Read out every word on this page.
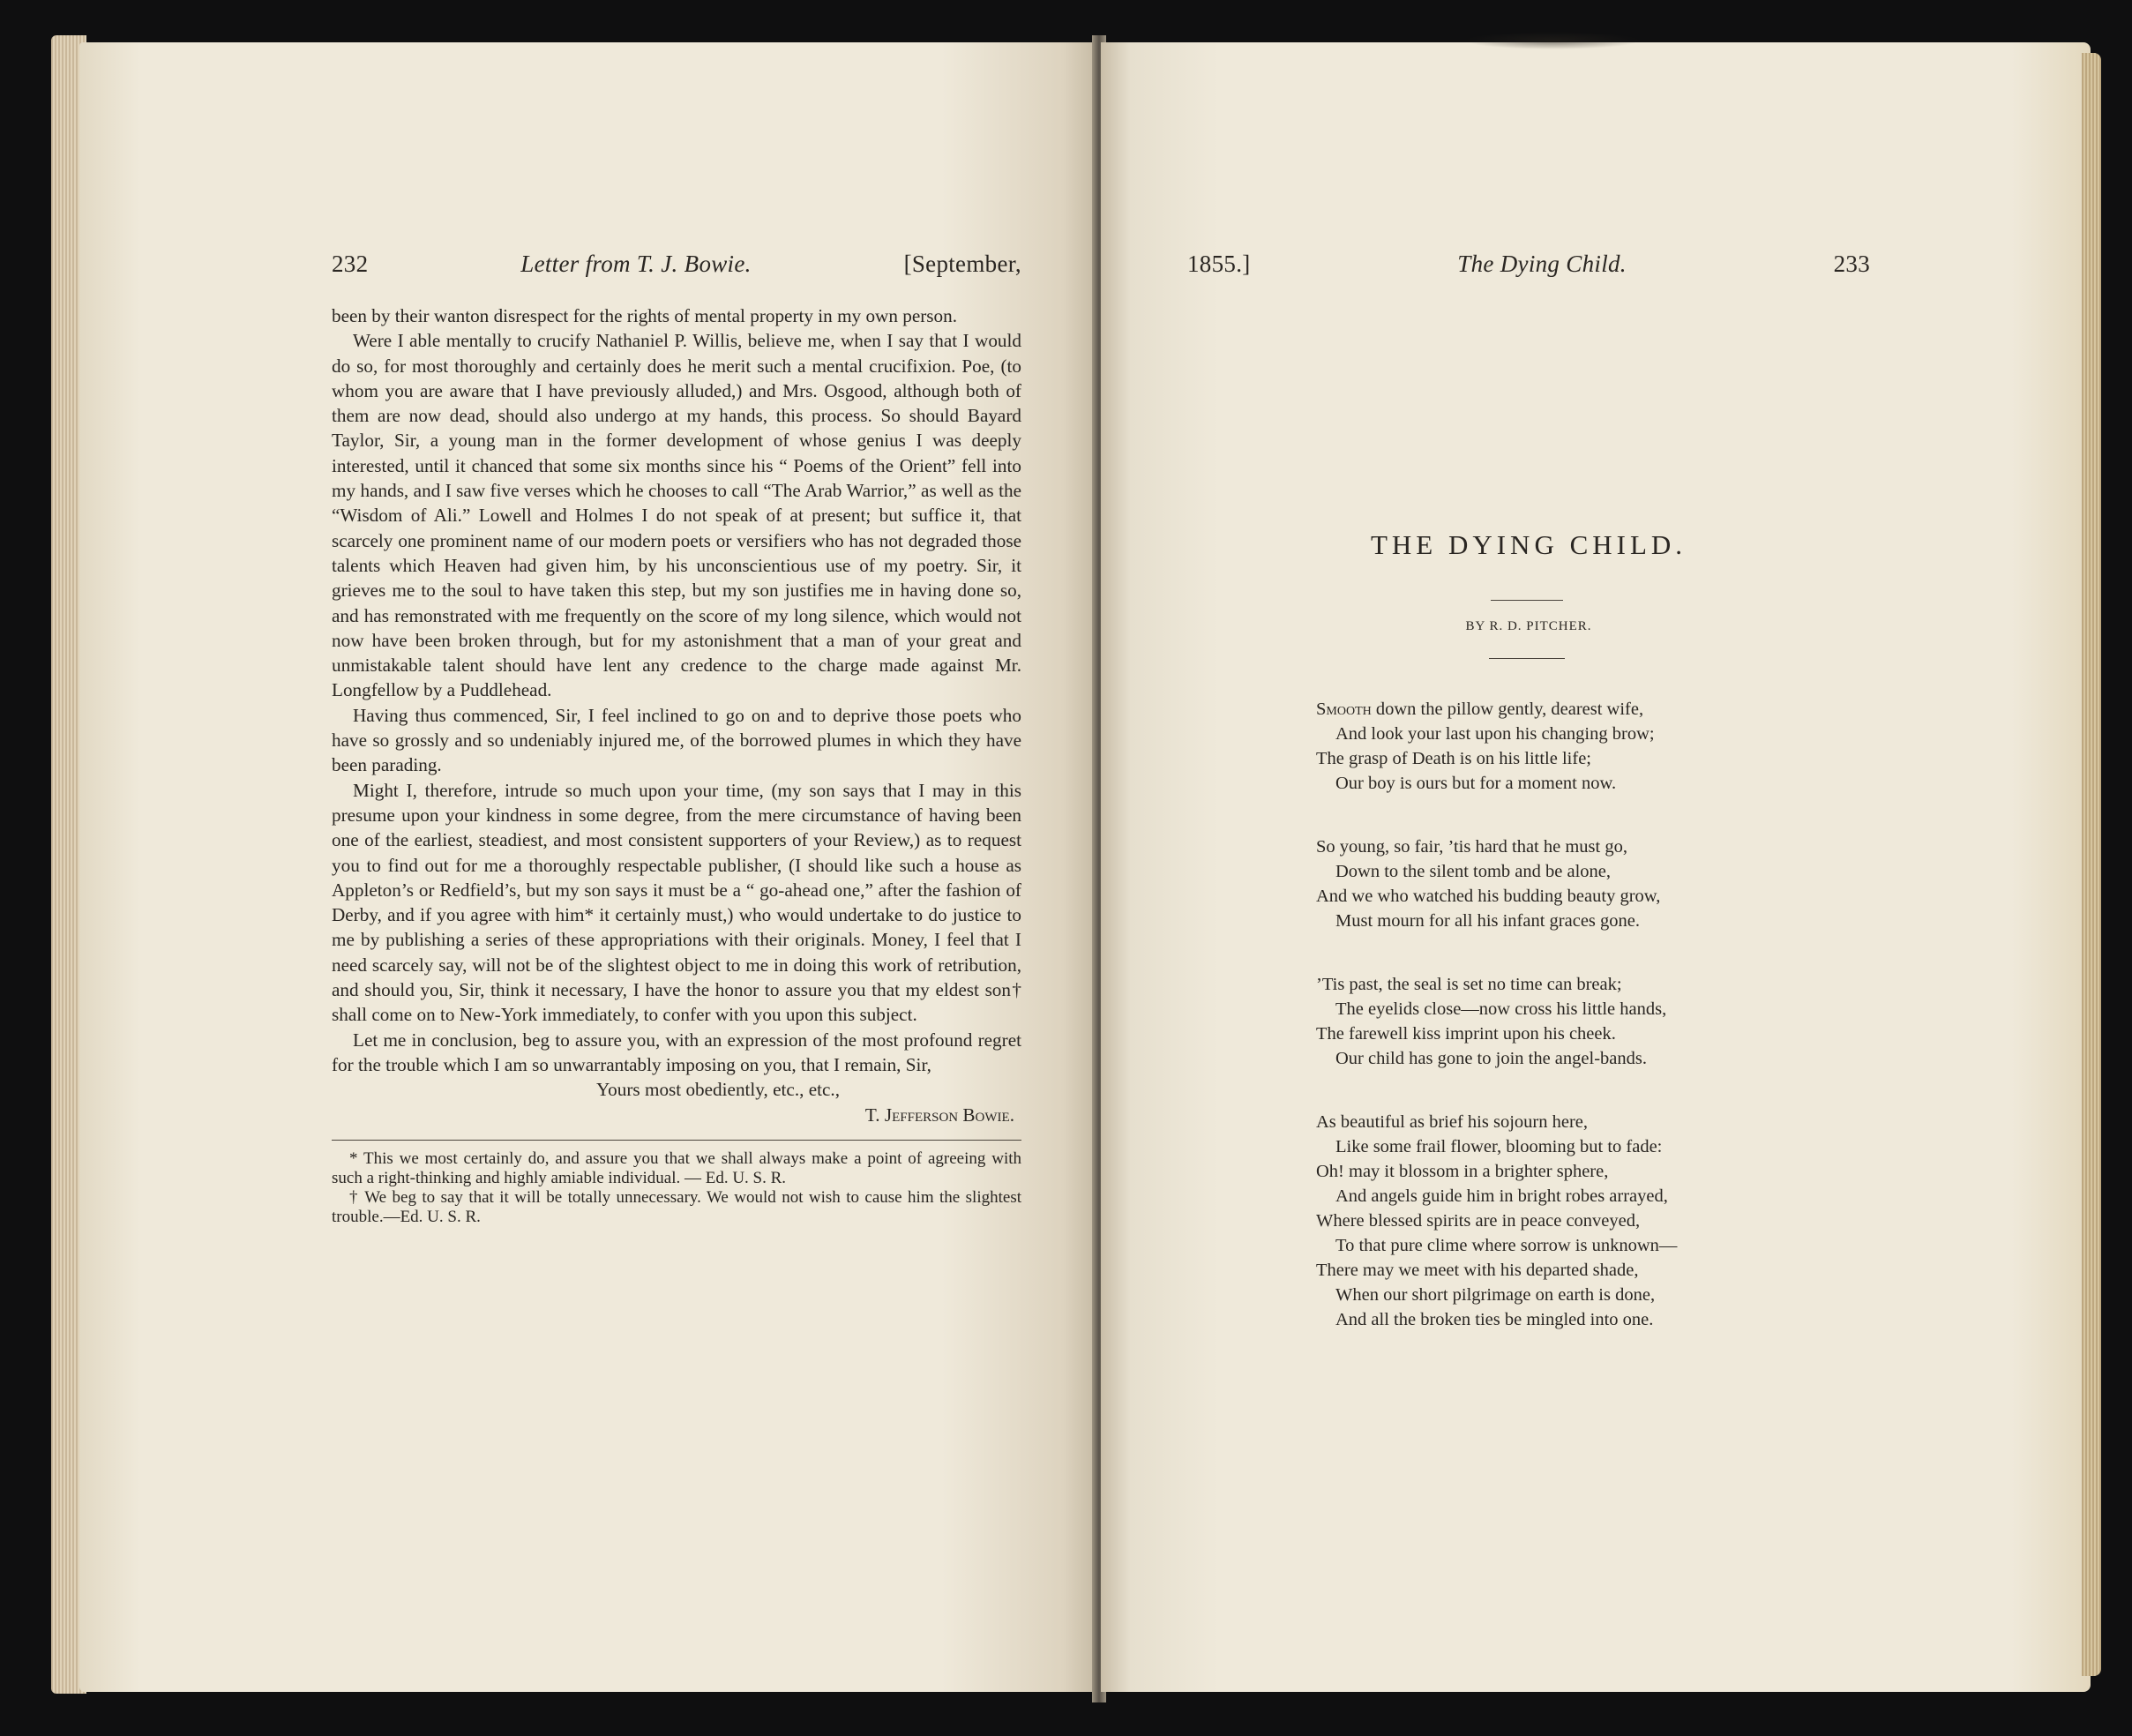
232	Letter from T. J. Bowie.	[September,

been by their wanton disrespect for the rights of mental property in my own person.

Were I able mentally to crucify Nathaniel P. Willis, believe me, when I say that I would do so, for most thoroughly and certainly does he merit such a mental crucifixion. Poe, (to whom you are aware that I have previously alluded,) and Mrs. Osgood, although both of them are now dead, should also undergo at my hands, this process. So should Bayard Taylor, Sir, a young man in the former development of whose genius I was deeply interested, until it chanced that some six months since his “ Poems of the Orient” fell into my hands, and I saw five verses which he chooses to call “The Arab Warrior,” as well as the “Wisdom of Ali.” Lowell and Holmes I do not speak of at present; but suffice it, that scarcely one prominent name of our modern poets or versifiers who has not degraded those talents which Heaven had given him, by his unconscientious use of my poetry. Sir, it grieves me to the soul to have taken this step, but my son justifies me in having done so, and has remonstrated with me frequently on the score of my long silence, which would not now have been broken through, but for my astonishment that a man of your great and unmistakable talent should have lent any credence to the charge made against Mr. Longfellow by a Puddlehead.

Having thus commenced, Sir, I feel inclined to go on and to deprive those poets who have so grossly and so undeniably injured me, of the borrowed plumes in which they have been parading.

Might I, therefore, intrude so much upon your time, (my son says that I may in this presume upon your kindness in some degree, from the mere circumstance of having been one of the earliest, steadiest, and most consistent supporters of your Review,) as to request you to find out for me a thoroughly respectable publisher, (I should like such a house as Appleton’s or Redfield’s, but my son says it must be a “ go-ahead one,” after the fashion of Derby, and if you agree with him* it certainly must,) who would undertake to do justice to me by publishing a series of these appropriations with their originals. Money, I feel that I need scarcely say, will not be of the slightest object to me in doing this work of retribution, and should you, Sir, think it necessary, I have the honor to assure you that my eldest son† shall come on to New-York immediately, to confer with you upon this subject.

Let me in conclusion, beg to assure you, with an expression of the most profound regret for the trouble which I am so unwarrantably imposing on you, that I remain, Sir,

Yours most obediently, etc., etc.,
T. Jefferson Bowie.

* This we most certainly do, and assure you that we shall always make a point of agreeing with such a right-thinking and highly amiable individual. — Ed. U. S. R.

† We beg to say that it will be totally unnecessary. We would not wish to cause him the slightest trouble.—Ed. U. S. R.

1855.]	The Dying Child.	233
THE DYING CHILD.
BY R. D. PITCHER.
Smooth down the pillow gently, dearest wife,
And look your last upon his changing brow;
The grasp of Death is on his little life;
Our boy is ours but for a moment now.
So young, so fair, ’tis hard that he must go,
Down to the silent tomb and be alone,
And we who watched his budding beauty grow,
Must mourn for all his infant graces gone.
’Tis past, the seal is set no time can break;
The eyelids close—now cross his little hands,
The farewell kiss imprint upon his cheek.
Our child has gone to join the angel-bands.
As beautiful as brief his sojourn here,
Like some frail flower, blooming but to fade:
Oh! may it blossom in a brighter sphere,
And angels guide him in bright robes arrayed,
Where blessed spirits are in peace conveyed,
To that pure clime where sorrow is unknown—
There may we meet with his departed shade,
When our short pilgrimage on earth is done,
And all the broken ties be mingled into one.
